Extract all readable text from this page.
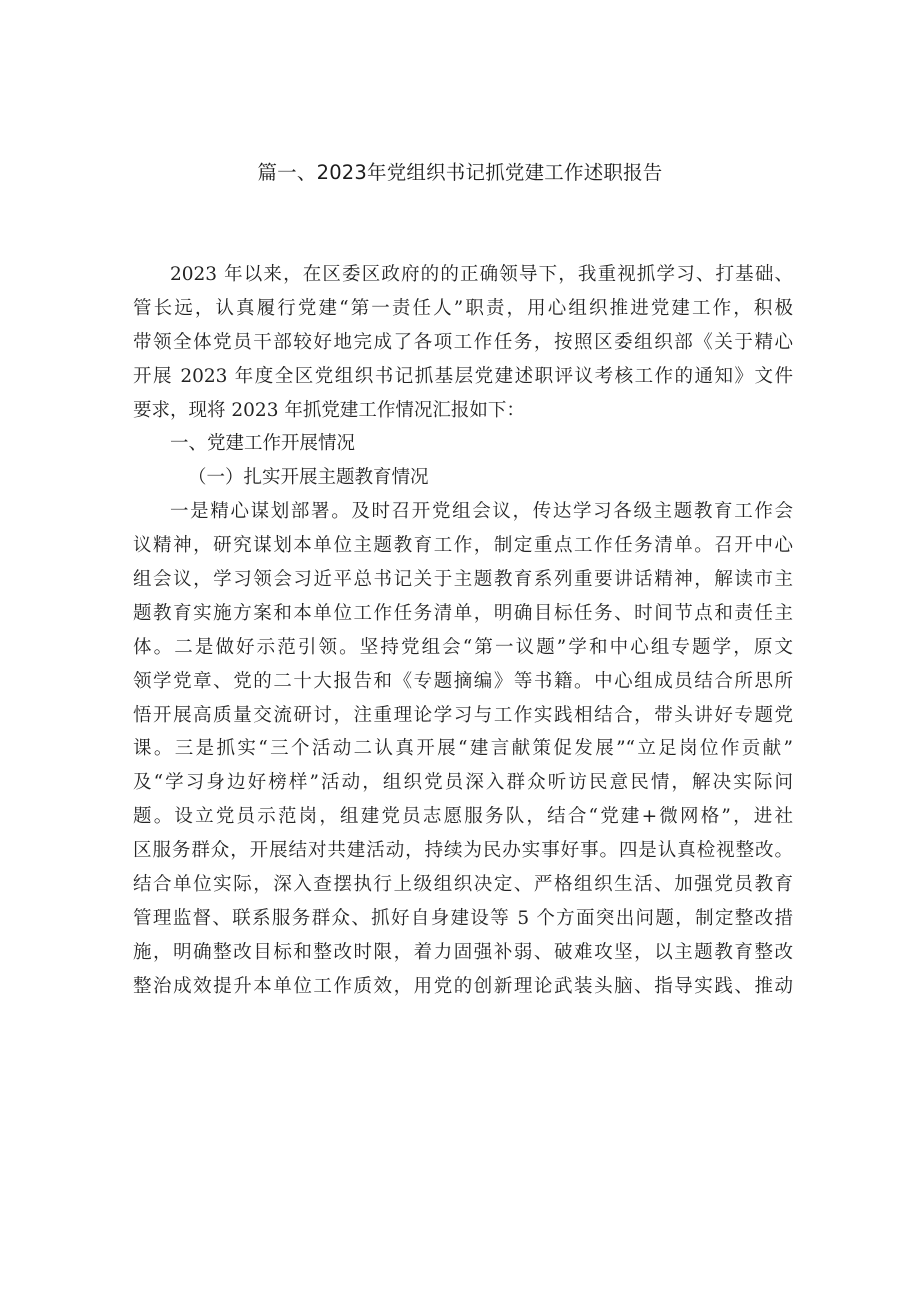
篇一、2023年党组织书记抓党建工作述职报告
2023 年以来，在区委区政府的的正确领导下，我重视抓学习、打基础、
管长远，认真履行党建“第一责任人”职责，用心组织推进党建工作，积极
带领全体党员干部较好地完成了各项工作任务，按照区委组织部《关于精心
开展 2023 年度全区党组织书记抓基层党建述职评议考核工作的通知》文件
要求，现将 2023 年抓党建工作情况汇报如下：
一、党建工作开展情况
（一）扎实开展主题教育情况
一是精心谋划部署。及时召开党组会议，传达学习各级主题教育工作会
议精神，研究谋划本单位主题教育工作，制定重点工作任务清单。召开中心
组会议，学习领会习近平总书记关于主题教育系列重要讲话精神，解读市主
题教育实施方案和本单位工作任务清单，明确目标任务、时间节点和责任主
体。二是做好示范引领。坚持党组会“第一议题”学和中心组专题学，原文
领学党章、党的二十大报告和《专题摘编》等书籍。中心组成员结合所思所
悟开展高质量交流研讨，注重理论学习与工作实践相结合，带头讲好专题党
课。三是抓实“三个活动二认真开展“建言献策促发展”“立足岗位作贡献”
及“学习身边好榜样”活动，组织党员深入群众听访民意民情，解决实际问
题。设立党员示范岗，组建党员志愿服务队，结合“党建+微网格”，进社
区服务群众，开展结对共建活动，持续为民办实事好事。四是认真检视整改。
结合单位实际，深入查摆执行上级组织决定、严格组织生活、加强党员教育
管理监督、联系服务群众、抓好自身建设等 5 个方面突出问题，制定整改措
施，明确整改目标和整改时限，着力固强补弱、破难攻坚，以主题教育整改
整治成效提升本单位工作质效，用党的创新理论武装头脑、指导实践、推动
